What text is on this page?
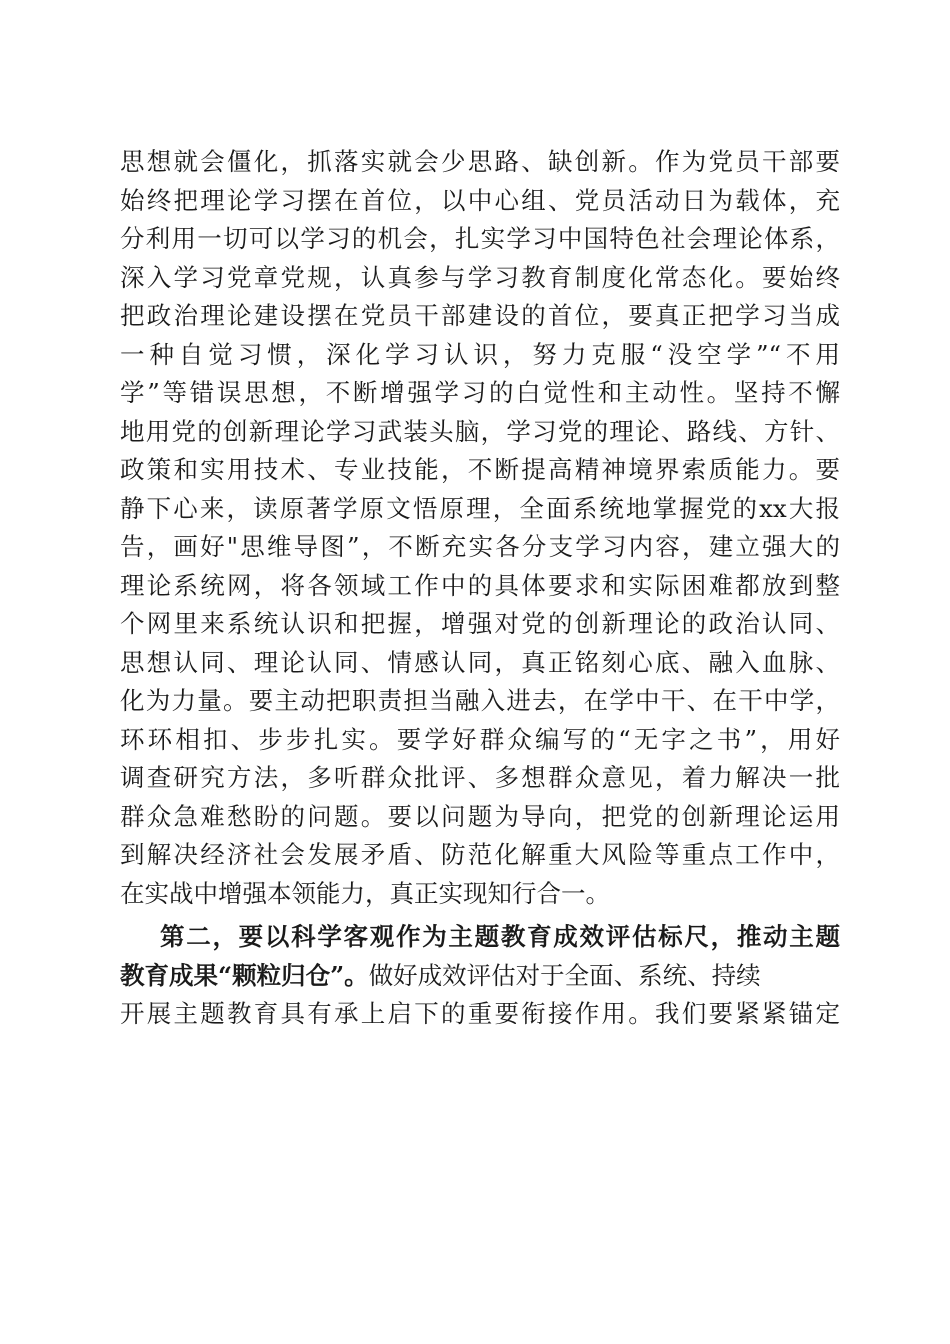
思想就会僵化，抓落实就会少思路、缺创新。作为党员干部要
始终把理论学习摆在首位，以中心组、党员活动日为载体，充
分利用一切可以学习的机会，扎实学习中国特色社会理论体系，
深入学习党章党规，认真参与学习教育制度化常态化。要始终
把政治理论建设摆在党员干部建设的首位，要真正把学习当成
一种自觉习惯，深化学习认识，努力克服“没空学”“不用
学”等错误思想，不断增强学习的白觉性和主动性。坚持不懈
地用党的创新理论学习武装头脑，学习党的理论、路线、方针、
政策和实用技术、专业技能，不断提高精神境界索质能力。要
静下心来，读原著学原文悟原理，全面系统地掌握党的xx大报
告，画好"思维导图”，不断充实各分支学习内容，建立强大的
理论系统网，将各领域工作中的具体要求和实际困难都放到整
个网里来系统认识和把握，增强对党的创新理论的政治认同、
思想认同、理论认同、情感认同，真正铭刻心底、融入血脉、
化为力量。要主动把职责担当融入进去，在学中干、在干中学，
环环相扣、步步扎实。要学好群众编写的“无字之书”，用好
调查研究方法，多听群众批评、多想群众意见，着力解决一批
群众急难愁盼的问题。要以问题为导向，把党的创新理论运用
到解决经济社会发展矛盾、防范化解重大风险等重点工作中，
在实战中增强本领能力，真正实现知行合一。
第二，要以科学客观作为主题教育成效评估标尺，推动主题
教育成果“颗粒归仓”。做好成效评估对于全面、系统、持续
开展主题教育具有承上启下的重要衔接作用。我们要紧紧锚定
